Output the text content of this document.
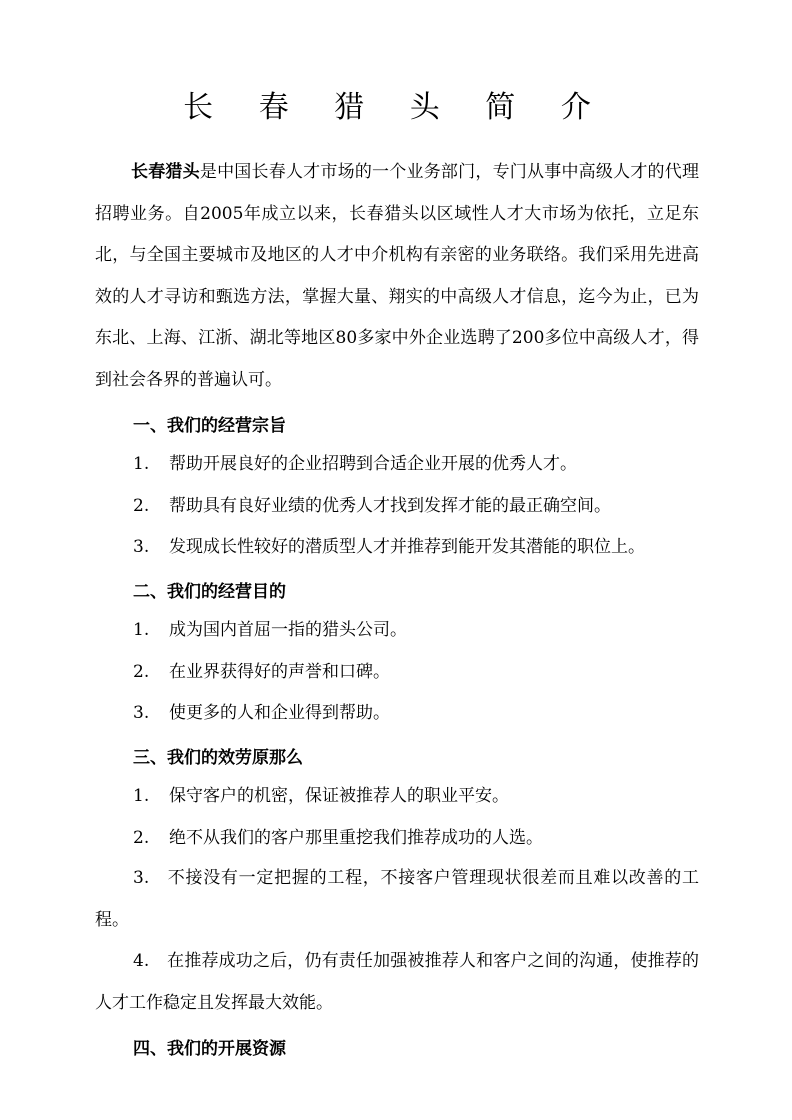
长 春 猎 头 简 介

长春猎头是中国长春人才市场的一个业务部门，专门从事中高级人才的代理招聘业务。自2005年成立以来，长春猎头以区域性人才大市场为依托，立足东北，与全国主要城市及地区的人才中介机构有亲密的业务联络。我们采用先进高效的人才寻访和甄选方法，掌握大量、翔实的中高级人才信息，迄今为止，已为东北、上海、江浙、湖北等地区80多家中外企业选聘了200多位中高级人才，得到社会各界的普遍认可。

一、我们的经营宗旨

1. 帮助开展良好的企业招聘到合适企业开展的优秀人才。

2. 帮助具有良好业绩的优秀人才找到发挥才能的最正确空间。

3. 发现成长性较好的潜质型人才并推荐到能开发其潜能的职位上。

二、我们的经营目的

1. 成为国内首屈一指的猎头公司。

2. 在业界获得好的声誉和口碑。

3. 使更多的人和企业得到帮助。

三、我们的效劳原那么

1. 保守客户的机密，保证被推荐人的职业平安。

2. 绝不从我们的客户那里重挖我们推荐成功的人选。

3. 不接没有一定把握的工程，不接客户管理现状很差而且难以改善的工程。

4. 在推荐成功之后，仍有责任加强被推荐人和客户之间的沟通，使推荐的人才工作稳定且发挥最大效能。

四、我们的开展资源
